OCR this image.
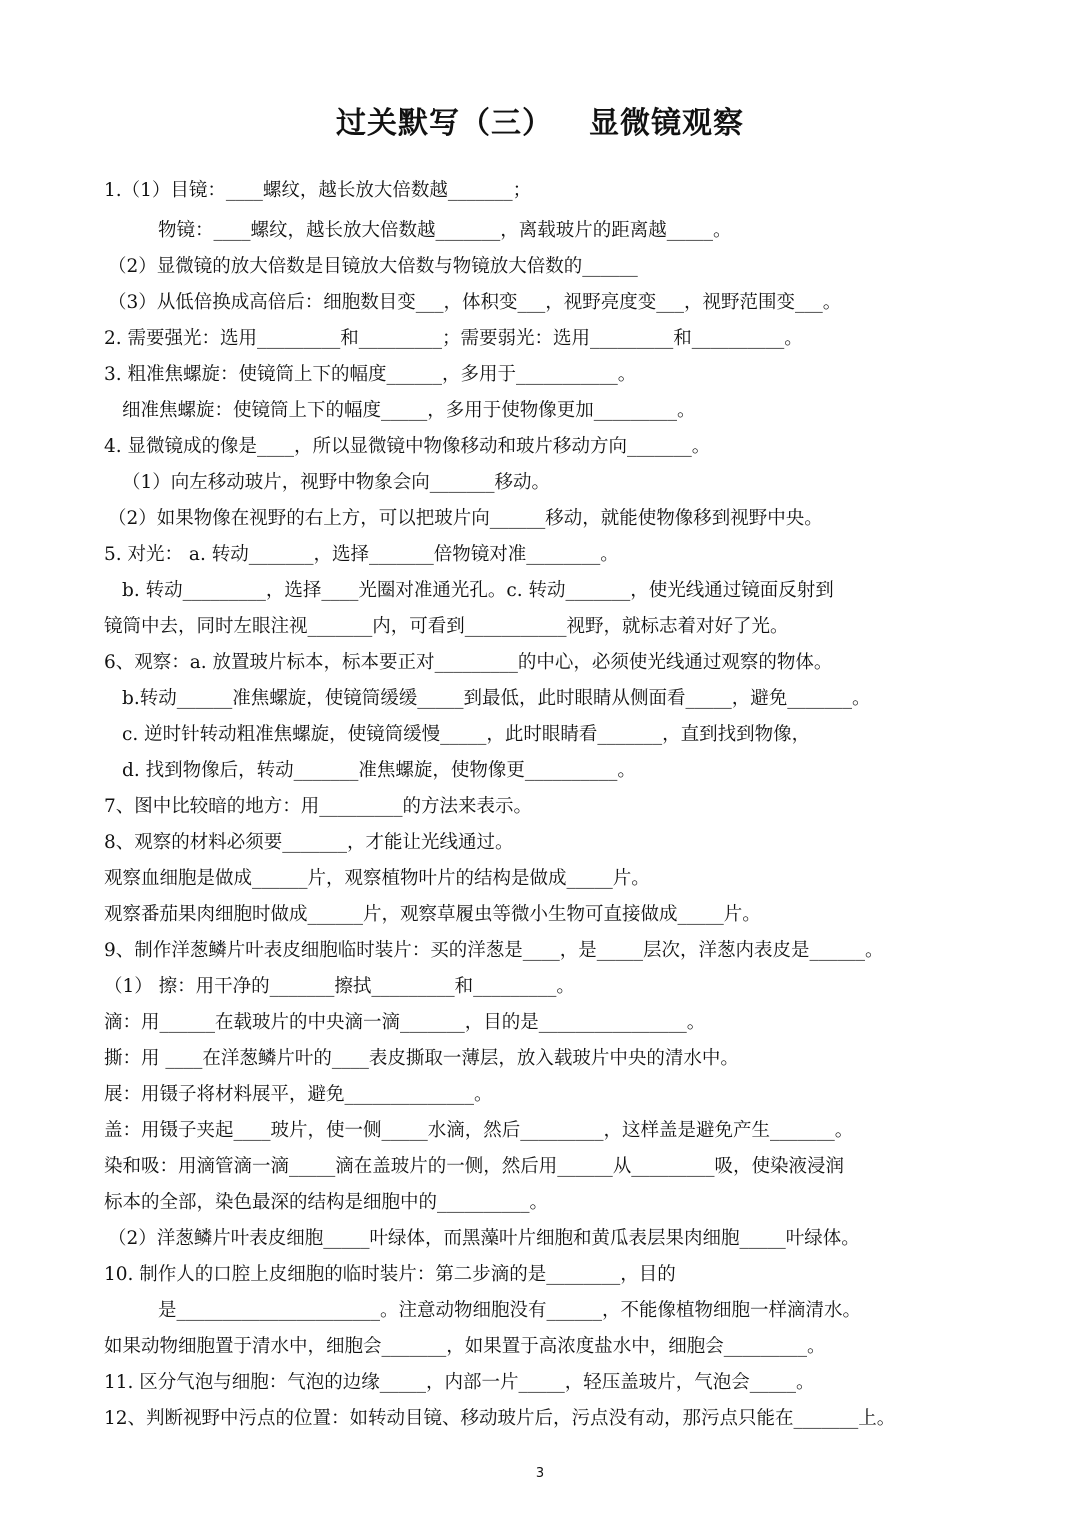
过关默写（三） 显微镜观察
1.（1）目镜：____螺纹，越长放大倍数越_______；
物镜：____螺纹，越长放大倍数越_______，离载玻片的距离越_____。
（2）显微镜的放大倍数是目镜放大倍数与物镜放大倍数的______
（3）从低倍换成高倍后：细胞数目变___，体积变___，视野亮度变___，视野范围变___。
2. 需要强光：选用_________和_________；需要弱光：选用_________和__________。
3. 粗准焦螺旋：使镜筒上下的幅度______，多用于___________。
细准焦螺旋：使镜筒上下的幅度_____，多用于使物像更加_________。
4. 显微镜成的像是____，所以显微镜中物像移动和玻片移动方向_______。
（1）向左移动玻片，视野中物象会向_______移动。
（2）如果物像在视野的右上方，可以把玻片向______移动，就能使物像移到视野中央。
5. 对光： a. 转动_______，选择_______倍物镜对准________。
b. 转动_________，选择____光圈对准通光孔。c. 转动_______，使光线通过镜面反射到
镜筒中去，同时左眼注视_______内，可看到___________视野，就标志着对好了光。
6、观察：a. 放置玻片标本，标本要正对_________的中心，必须使光线通过观察的物体。
b.转动______准焦螺旋，使镜筒缓缓_____到最低，此时眼睛从侧面看_____，避免_______。
c. 逆时针转动粗准焦螺旋，使镜筒缓慢_____，此时眼睛看_______，直到找到物像，
d. 找到物像后，转动_______准焦螺旋，使物像更__________。
7、图中比较暗的地方：用_________的方法来表示。
8、观察的材料必须要_______，才能让光线通过。
观察血细胞是做成______片，观察植物叶片的结构是做成_____片。
观察番茄果肉细胞时做成______片，观察草履虫等微小生物可直接做成_____片。
9、制作洋葱鳞片叶表皮细胞临时装片：买的洋葱是____，是_____层次，洋葱内表皮是______。
（1） 擦：用干净的_______擦拭_________和_________。
滴：用______在载玻片的中央滴一滴_______，目的是________________。
撕：用 ____在洋葱鳞片叶的____表皮撕取一薄层，放入载玻片中央的清水中。
展：用镊子将材料展平，避免______________。
盖：用镊子夹起____玻片，使一侧_____水滴，然后_________，这样盖是避免产生_______。
染和吸：用滴管滴一滴_____滴在盖玻片的一侧，然后用______从_________吸，使染液浸润
标本的全部，染色最深的结构是细胞中的__________。
（2）洋葱鳞片叶表皮细胞_____叶绿体，而黑藻叶片细胞和黄瓜表层果肉细胞_____叶绿体。
10. 制作人的口腔上皮细胞的临时装片：第二步滴的是________，目的
是______________________。注意动物细胞没有______，不能像植物细胞一样滴清水。
如果动物细胞置于清水中，细胞会_______，如果置于高浓度盐水中，细胞会_________。
11. 区分气泡与细胞：气泡的边缘_____，内部一片_____，轻压盖玻片，气泡会_____。
12、判断视野中污点的位置：如转动目镜、移动玻片后，污点没有动，那污点只能在_______上。
3
